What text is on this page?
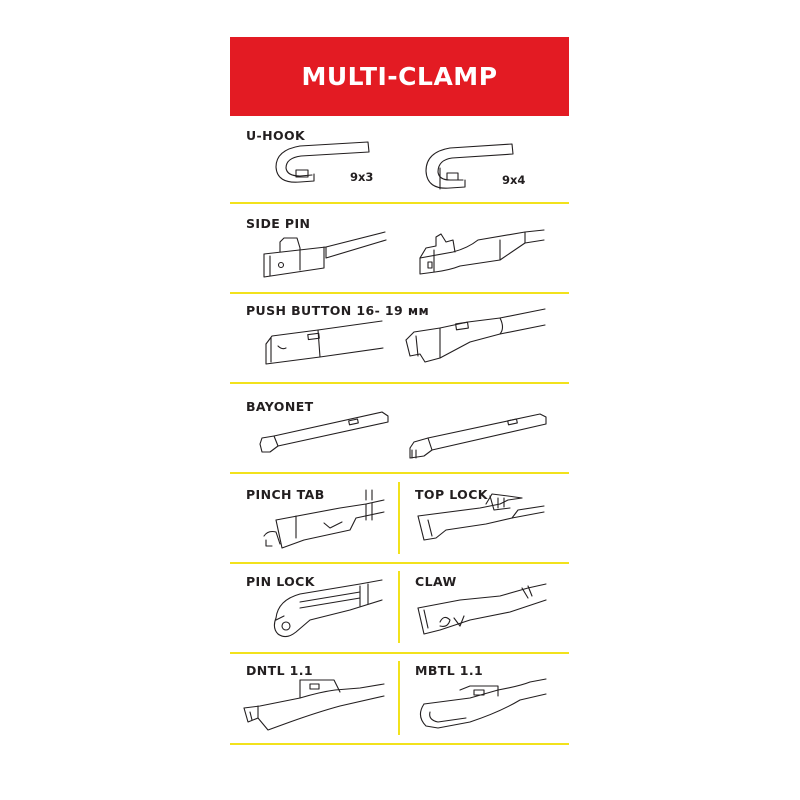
MULTI-CLAMP
U-HOOK
9x3	9x4
SIDE PIN
PUSH BUTTON 16- 19 мм
BAYONET
PINCH TAB	TOP LOCK
PIN LOCK	CLAW
DNTL 1.1	MBTL 1.1
